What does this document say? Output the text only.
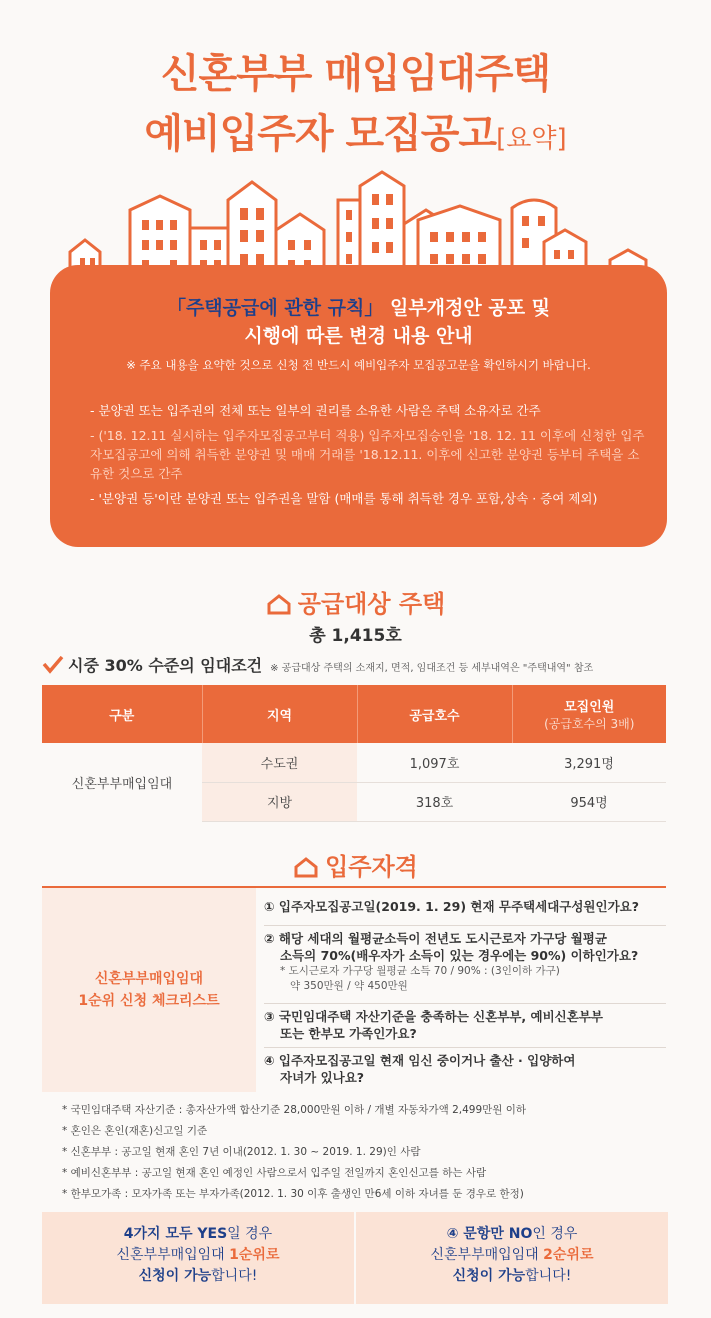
신혼부부 매입임대주택
예비입주자 모집공고[요약]
「주택공급에 관한 규칙」 일부개정안 공포 및
시행에 따른 변경 내용 안내
※ 주요 내용을 요약한 것으로 신청 전 반드시 예비입주자 모집공고문을 확인하시기 바랍니다.

- 분양권 또는 입주권의 전체 또는 일부의 권리를 소유한 사람은 주택 소유자로 간주

- ('18. 12.11 실시하는 입주자모집공고부터 적용) 입주자모집승인을 '18. 12. 11 이후에 신청한 입주자모집공고에 의해 취득한 분양권 및 매매 거래를 '18.12.11. 이후에 신고한 분양권 등부터 주택을 소유한 것으로 간주

- '분양권 등'이란 분양권 또는 입주권을 말함 (매매를 통해 취득한 경우 포함,상속 · 증여 제외)

공급대상 주택
총 1,415호
시중 30% 수준의 임대조건 ※ 공급대상 주택의 소재지, 면적, 임대조건 등 세부내역은 "주택내역" 참조
구분	지역	공급호수	모집인원
(공급호수의 3배)

신혼부부매입임대	수도권	1,097호	3,291명
	지방	318호	954명
입주자격
신혼부부매입임대
1순위 신청 체크리스트
① 입주자모집공고일(2019. 1. 29) 현재 무주택세대구성원인가요?
② 해당 세대의 월평균소득이 전년도 도시근로자 가구당 월평균
소득의 70%(배우자가 소득이 있는 경우에는 90%) 이하인가요?
* 도시근로자 가구당 월평균 소득 70 / 90% : (3인이하 가구)
약 350만원 / 약 450만원
③ 국민임대주택 자산기준을 충족하는 신혼부부, 예비신혼부부
또는 한부모 가족인가요?
④ 입주자모집공고일 현재 임신 중이거나 출산 · 입양하여
자녀가 있나요?
* 국민임대주택 자산기준 : 총자산가액 합산기준 28,000만원 이하 / 개별 자동차가액 2,499만원 이하
* 혼인은 혼인(재혼)신고일 기준
* 신혼부부 : 공고일 현재 혼인 7년 이내(2012. 1. 30 ~ 2019. 1. 29)인 사람
* 예비신혼부부 : 공고일 현재 혼인 예정인 사람으로서 입주일 전일까지 혼인신고를 하는 사람
* 한부모가족 : 모자가족 또는 부자가족(2012. 1. 30 이후 출생인 만6세 이하 자녀를 둔 경우로 한정)
4가지 모두 YES일 경우
신혼부부매입임대 1순위로
신청이 가능합니다!
④ 문항만 NO인 경우
신혼부부매입임대 2순위로
신청이 가능합니다!
